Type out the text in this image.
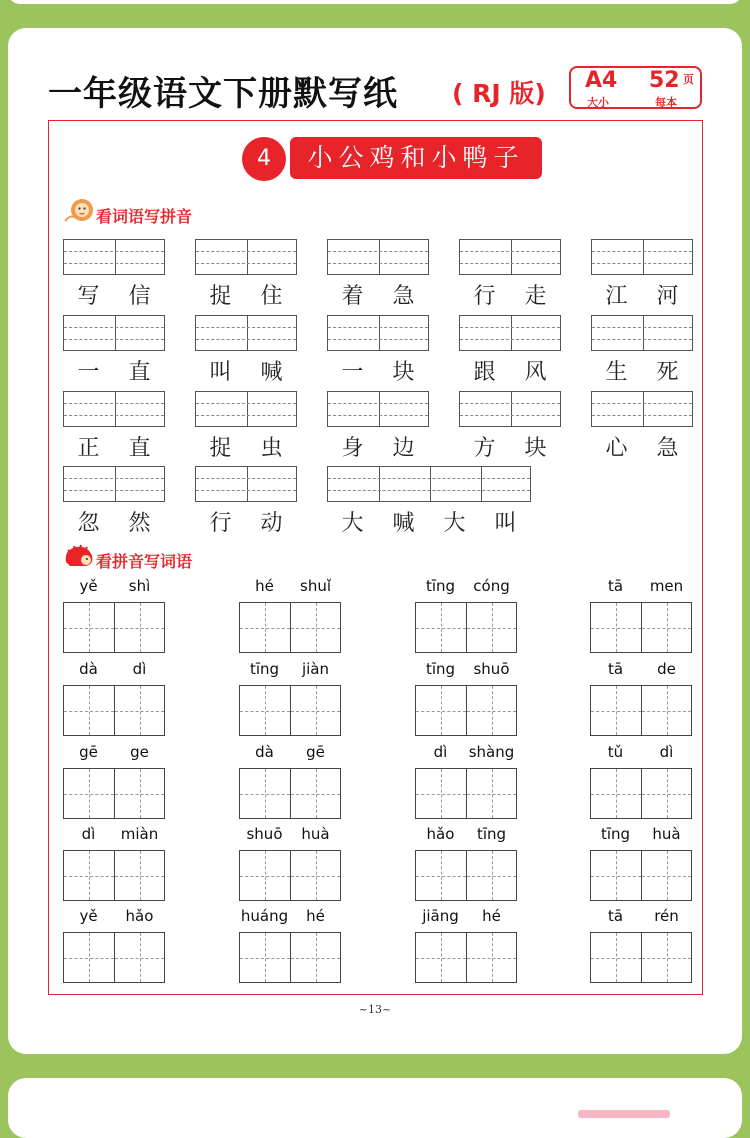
一年级语文下册默写纸 ( RJ 版) A4
大小
52 页
每本
4	小公鸡和小鸭子
看词语写拼音
写	信	捉	住	着	急	行	走	江	河
一	直	叫	喊	一	块	跟	风	生	死
正	直	捉	虫	身	边	方	块	心	急
忽	然	行	动	大	喊	大	叫
看拼音写词语
yě	shì	hé	shuǐ	tīng	cóng	tā	men
dà	dì	tīng	jiàn	tīng	shuō	tā	de
gē	ge	dà	gē	dì	shàng	tǔ	dì
dì	miàn	shuō	huà	hǎo	tīng	tīng	huà
yě	hǎo	huáng	hé	jiāng	hé	tā	rén
~13~
